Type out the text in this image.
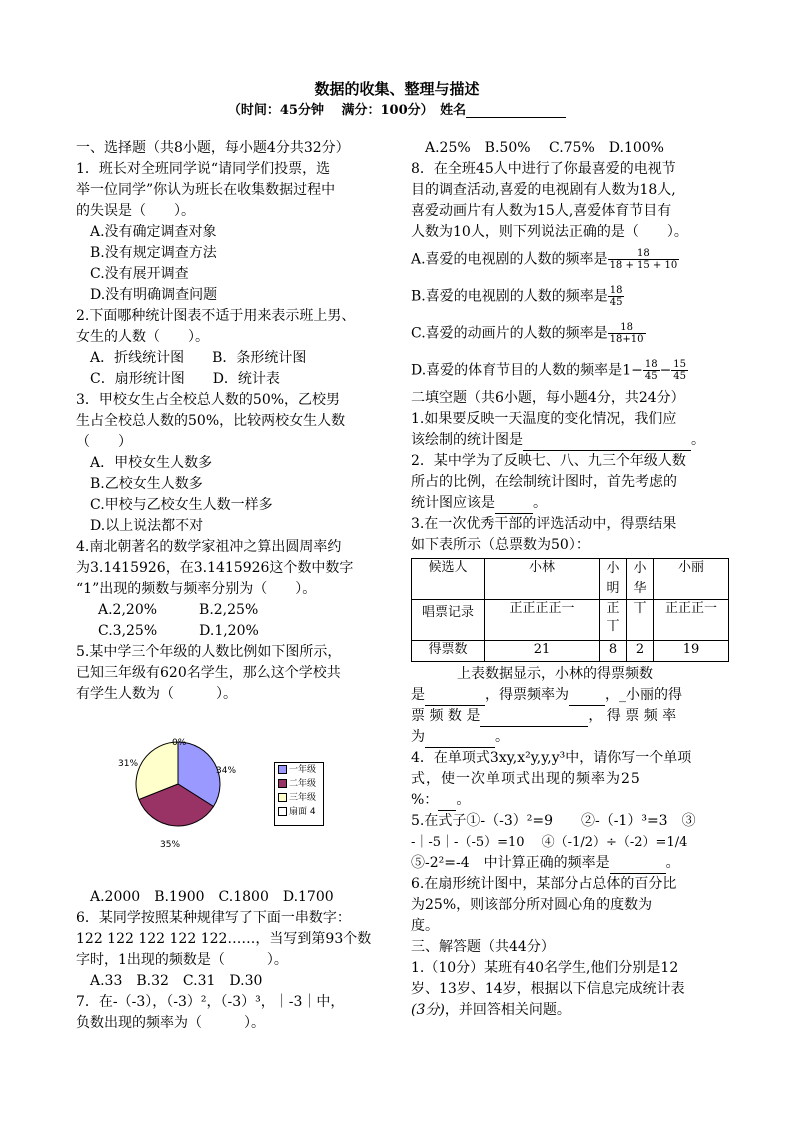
数据的收集、整理与描述
（时间：45分钟　 满分：100分）　姓名

一、选择题（共8小题，每小题4分共32分）

1．班长对全班同学说“请同学们投票，选

举一位同学”你认为班长在收集数据过程中

的失误是（　　）。

A.没有确定调查对象

B.没有规定调查方法

C.没有展开调查

D.没有明确调查问题

2.下面哪种统计图表不适于用来表示班上男、

女生的人数（　　）。

A．折线统计图　　B．条形统计图

C．扇形统计图　　D．统计表

3．甲校女生占全校总人数的50%，乙校男

生占全校总人数的50%，比较两校女生人数

（　　）

A．甲校女生人数多

B.乙校女生人数多

C.甲校与乙校女生人数一样多

D.以上说法都不对

4.南北朝著名的数学家祖冲之算出圆周率约

为3.1415926，在3.1415926这个数中数字

“1”出现的频数与频率分别为（　　）。

A.2,20%　　　B.2,25%

C.3,25%　　　D.1,20%

5.某中学三个年级的人数比例如下图所示，

已知三年级有620名学生，那么这个学校共

有学生人数为（　　　）。

0%
34%
31%
35%
一年级
二年级
三年级
扇面 4

A.2000　B.1900　C.1800　D.1700

6．某同学按照某种规律写了下面一串数字：

122 122 122 122 122……，当写到第93个数

字时，1出现的频数是（　　　）。

A.33　B.32　C.31　D.30

7．在-（-3），（-3）²，（-3）³，｜-3｜中，

负数出现的频率为（　　　）。

A.25%　B.50%　 C.75%　D.100%

8．在全班45人中进行了你最喜爱的电视节

目的调查活动,喜爱的电视剧有人数为18人,

喜爱动画片有人数为15人,喜爱体育节目有

人数为10人，则下列说法正确的是（　　）。

A.喜爱的电视剧的人数的频率是 $\frac{18}{18 + 15 + 10}$

B.喜爱的电视剧的人数的频率是 $\frac{18}{45}$

C.喜爱的动画片的人数的频率是 $\frac{18}{18+10}$

D.喜爱的体育节目的人数的频率是$1- \frac{18}{45} - \frac{15}{45}$

二填空题（共6小题，每小题4分，共24分）

1.如果要反映一天温度的变化情况，我们应

该绘制的统计图是	。

2．某中学为了反映七、八、九三个年级人数

所占的比例，在绘制统计图时，首先考虑的

统计图应该是	。

3.在一次优秀干部的评选活动中，得票结果

如下表所示（总票数为50）：

候选人	小林	小明	小华	小丽
唱票记录	正正正正一	正丅	丅	正正正一
得票数	21	8	2	19

上表数据显示，小林的得票频数

是	，得票频率为	，_小丽的得

票 频 数 是	， 得 票 频 率

为	。

4．在单项式3xy,x²y,y,y³中，请你写一个单项

式，使一次单项式出现的频率为25

%： 。

5.在式子①-（-3）²=9　　②-（-1）³=3　③

-｜-5｜-（-5）=10　 ④（-1/2）÷（-2）=1/4

⑤-2²=-4　中计算正确的频率是	。

6.在扇形统计图中，某部分占总体的百分比

为25%，则该部分所对圆心角的度数为

度。

三、解答题（共44分）

1.（10分）某班有40名学生,他们分别是12

岁、13岁、14岁，根据以下信息完成统计表

(3分)，并回答相关问题。
